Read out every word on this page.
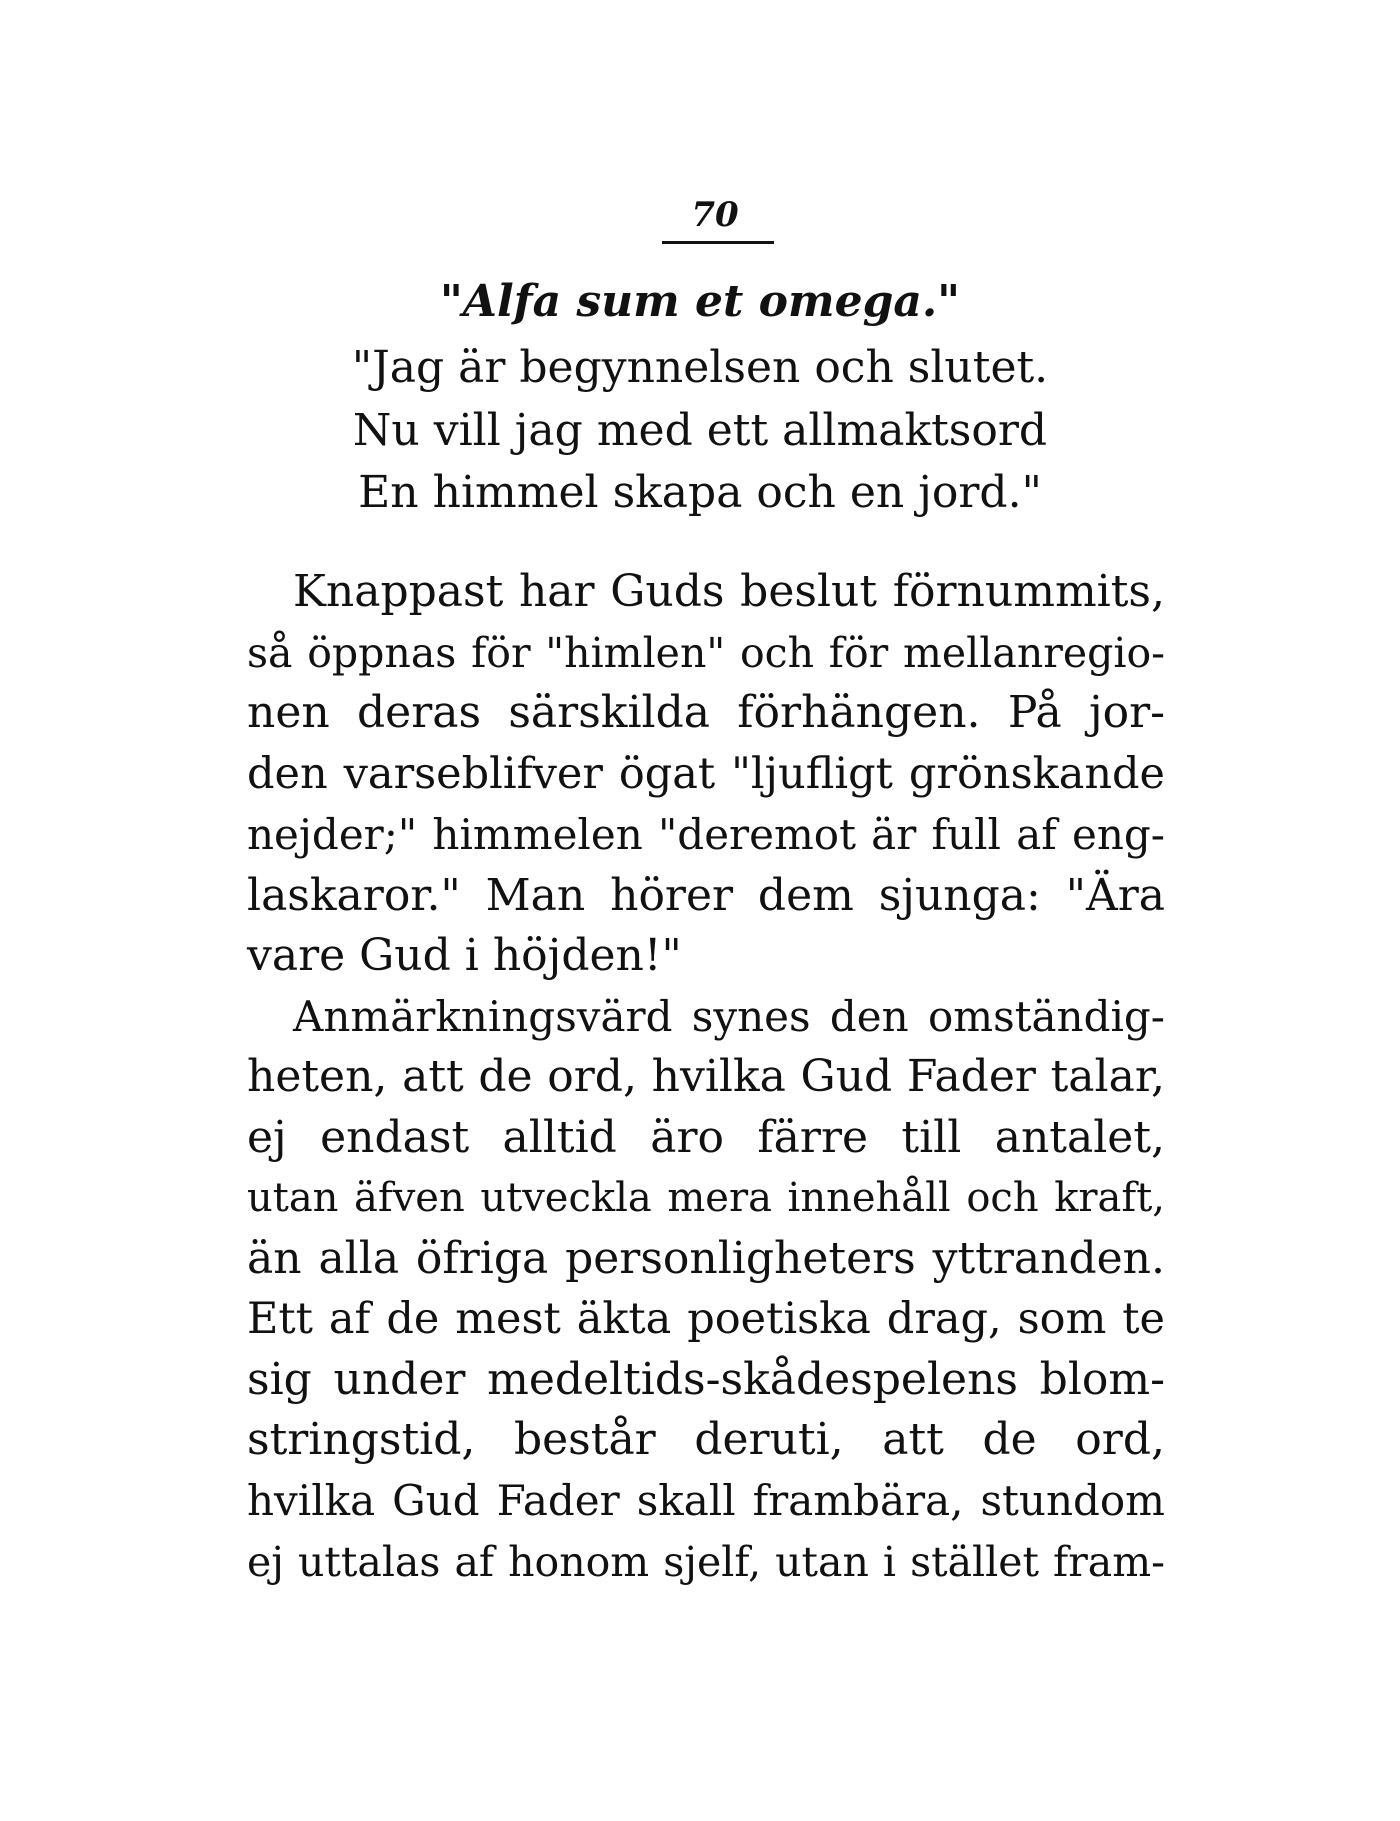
70
"Alfa sum et omega."
"Jag är begynnelsen och slutet.
Nu vill jag med ett allmaktsord
En himmel skapa och en jord."
Knappast har Guds beslut förnummits,
så öppnas för "himlen" och för mellanregio-
nen deras särskilda förhängen. På jor-
den varseblifver ögat "ljufligt grönskande
nejder;" himmelen "deremot är full af eng-
laskaror." Man hörer dem sjunga: "Ära
vare Gud i höjden!"
Anmärkningsvärd synes den omständig-
heten, att de ord, hvilka Gud Fader talar,
ej endast alltid äro färre till antalet,
utan äfven utveckla mera innehåll och kraft,
än alla öfriga personligheters yttranden.
Ett af de mest äkta poetiska drag, som te
sig under medeltids-skådespelens blom-
stringstid, består deruti, att de ord,
hvilka Gud Fader skall frambära, stundom
ej uttalas af honom sjelf, utan i stället fram-
